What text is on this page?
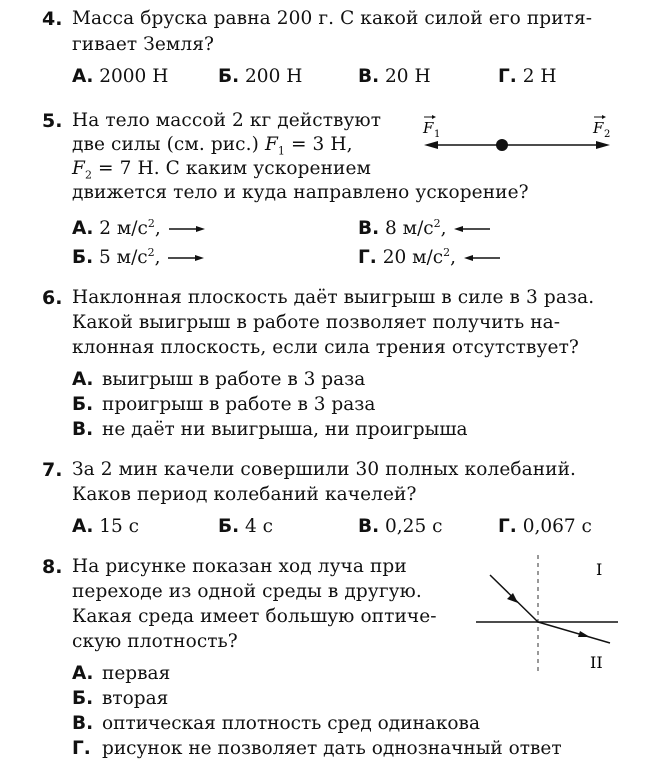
4. Масса бруска равна 200 г. С какой силой его притя-
гивает Земля?
А. 2000 Н	Б. 200 Н	В. 20 Н	Г. 2 Н
5. На тело массой 2 кг действуют
две силы (см. рис.) $F_1 = 3$ Н,
$F_2 = 7$ Н. С каким ускорением
движется тело и куда направлено ускорение?
F 1	F 2
А. 2 $м/с^2$,	В. 8 $м/с^2$,
Б. 5 $м/с^2$,	Г. 20 $м/с^2$,
6. Наклонная плоскость даёт выигрыш в силе в 3 раза.
Какой выигрыш в работе позволяет получить на-
клонная плоскость, если сила трения отсутствует?
А. выигрыш в работе в 3 раза
Б. проигрыш в работе в 3 раза
В. не даёт ни выигрыша, ни проигрыша
7. За 2 мин качели совершили 30 полных колебаний.
Каков период колебаний качелей?
А. 15 с	Б. 4 с	В. 0,25 с	Г. 0,067 с
8. На рисунке показан ход луча при
переходе из одной среды в другую.
Какая среда имеет большую оптиче-
скую плотность?
I
II
А. первая
Б. вторая
В. оптическая плотность сред одинакова
Г. рисунок не позволяет дать однозначный ответ
